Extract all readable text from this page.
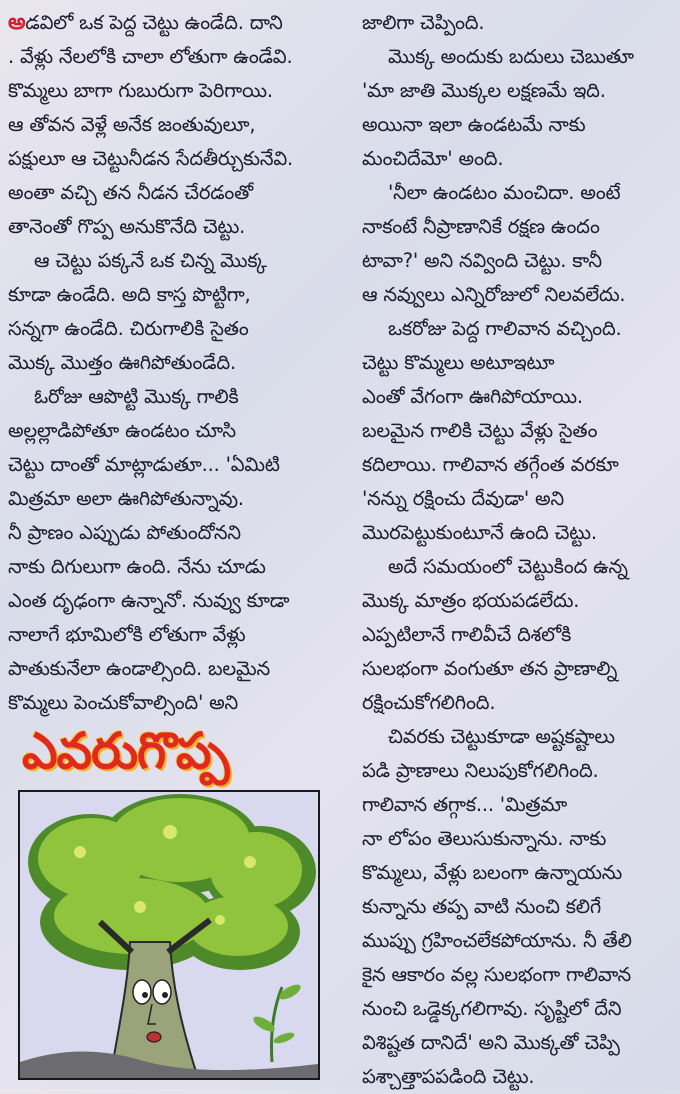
అడవిలో ఒక పెద్ద చెట్టు ఉండేది. దాని
. వేళ్లు నేలలోకి చాలా లోతుగా ఉండేవి.
కొమ్మలు బాగా గుబురుగా పెరిగాయి.
ఆ తోవన వెళ్లే అనేక జంతువులూ,
పక్షులూ ఆ చెట్టునీడన సేదతీర్చుకునేవి.
అంతా వచ్చి తన నీడన చేరడంతో
తానెంతో గొప్ప అనుకొనేది చెట్టు.
ఆ చెట్టు పక్కనే ఒక చిన్న మొక్క
కూడా ఉండేది. అది కాస్త పొట్టిగా,
సన్నగా ఉండేది. చిరుగాలికి సైతం
మొక్క మొత్తం ఊగిపోతుండేది.
ఓరోజు ఆపొట్టి మొక్క గాలికి
అల్లల్లాడిపోతూ ఉండటం చూసి
చెట్టు దాంతో మాట్లాడుతూ... 'ఏమిటి
మిత్రమా అలా ఊగిపోతున్నావు.
నీ ప్రాణం ఎప్పుడు పోతుందోనని
నాకు దిగులుగా ఉంది. నేను చూడు
ఎంత దృఢంగా ఉన్నానో. నువ్వు కూడా
నాలాగే భూమిలోకి లోతుగా వేళ్లు
పాతుకునేలా ఉండాల్సింది. బలమైన
కొమ్మలు పెంచుకోవాల్సింది' అని
జాలిగా చెప్పింది.
మొక్క అందుకు బదులు చెబుతూ
'మా జాతి మొక్కల లక్షణమే ఇది.
అయినా ఇలా ఉండటమే నాకు
మంచిదేమో' అంది.
'నీలా ఉండటం మంచిదా. అంటే
నాకంటే నీప్రాణానికే రక్షణ ఉందం
టావా?' అని నవ్వింది చెట్టు. కానీ
ఆ నవ్వులు ఎన్నిరోజులో నిలవలేదు.
ఒకరోజు పెద్ద గాలివాన వచ్చింది.
చెట్టు కొమ్మలు అటూఇటూ
ఎంతో వేగంగా ఊగిపోయాయి.
బలమైన గాలికి చెట్టు వేళ్లు సైతం
కదిలాయి. గాలివాన తగ్గేంత వరకూ
'నన్ను రక్షించు దేవుడా' అని
మొరపెట్టుకుంటూనే ఉంది చెట్టు.
అదే సమయంలో చెట్టుకింద ఉన్న
మొక్క మాత్రం భయపడలేదు.
ఎప్పటిలానే గాలివీచే దిశలోకి
సులభంగా వంగుతూ తన ప్రాణాల్ని
రక్షించుకోగలిగింది.
చివరకు చెట్టుకూడా అష్టకష్టాలు
పడి ప్రాణాలు నిలుపుకోగలిగింది.
గాలివాన తగ్గాక... 'మిత్రమా
నా లోపం తెలుసుకున్నాను. నాకు
కొమ్మలు, వేళ్లు బలంగా ఉన్నాయను
కున్నాను తప్ప వాటి నుంచి కలిగే
ముప్పు గ్రహించలేకపోయాను. నీ తేలి
కైన ఆకారం వల్ల సులభంగా గాలివాన
నుంచి ఒడ్డెక్కగలిగావు. సృష్టిలో దేని
విశిష్టత దానిదే' అని మొక్కతో చెప్పి
పశ్చాత్తాపపడింది చెట్టు.
ఎవరుగొప్ప
